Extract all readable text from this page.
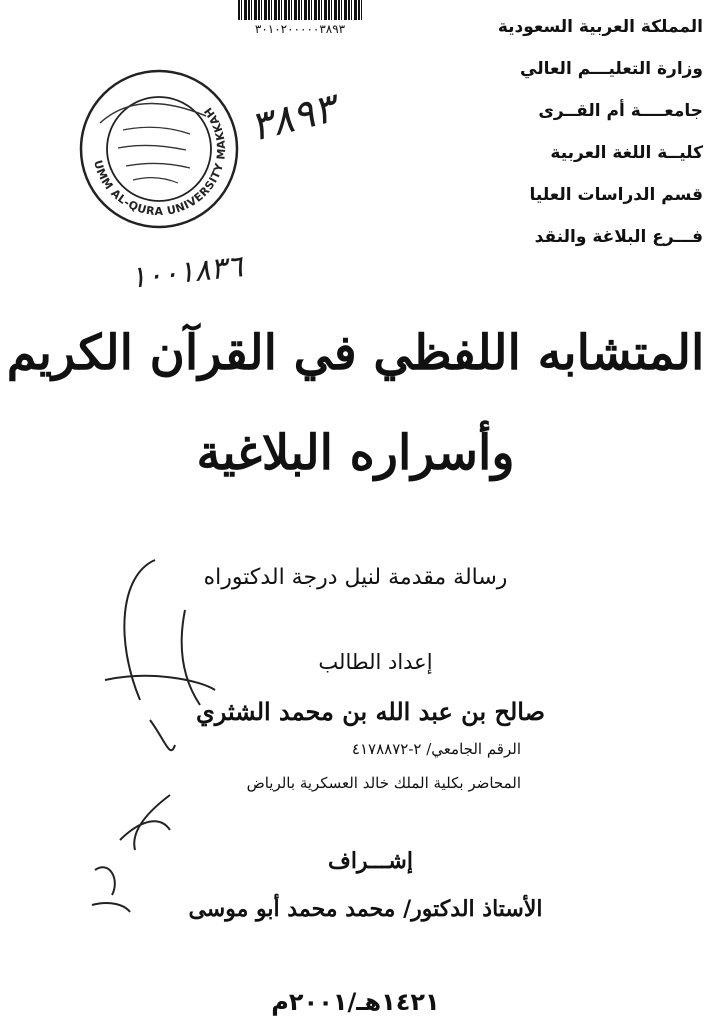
٣٠١٠٢٠٠٠٠٠٣٨٩٣	المملكة العربية السعودية
وزارة التعليـــم العالي
جامعــــة أم القــرى
كليــة اللغة العربية
قسم الدراسات العليا
فـــرع البلاغة والنقد
UMM AL-QURA UNIVERSITY MAKKAH ٣٨٩٣
١٠٠١٨٣٦
المتشابه اللفظي في القرآن الكريم
وأسراره البلاغية
رسالة مقدمة لنيل درجة الدكتوراه
إعداد الطالب
صالح بن عبد الله بن محمد الشثري
الرقم الجامعي/ ٢-٤١٧٨٨٧٢
المحاضر بكلية الملك خالد العسكرية بالرياض
إشـــراف
الأستاذ الدكتور/ محمد محمد أبو موسى
١٤٢١هـ/٢٠٠١م
